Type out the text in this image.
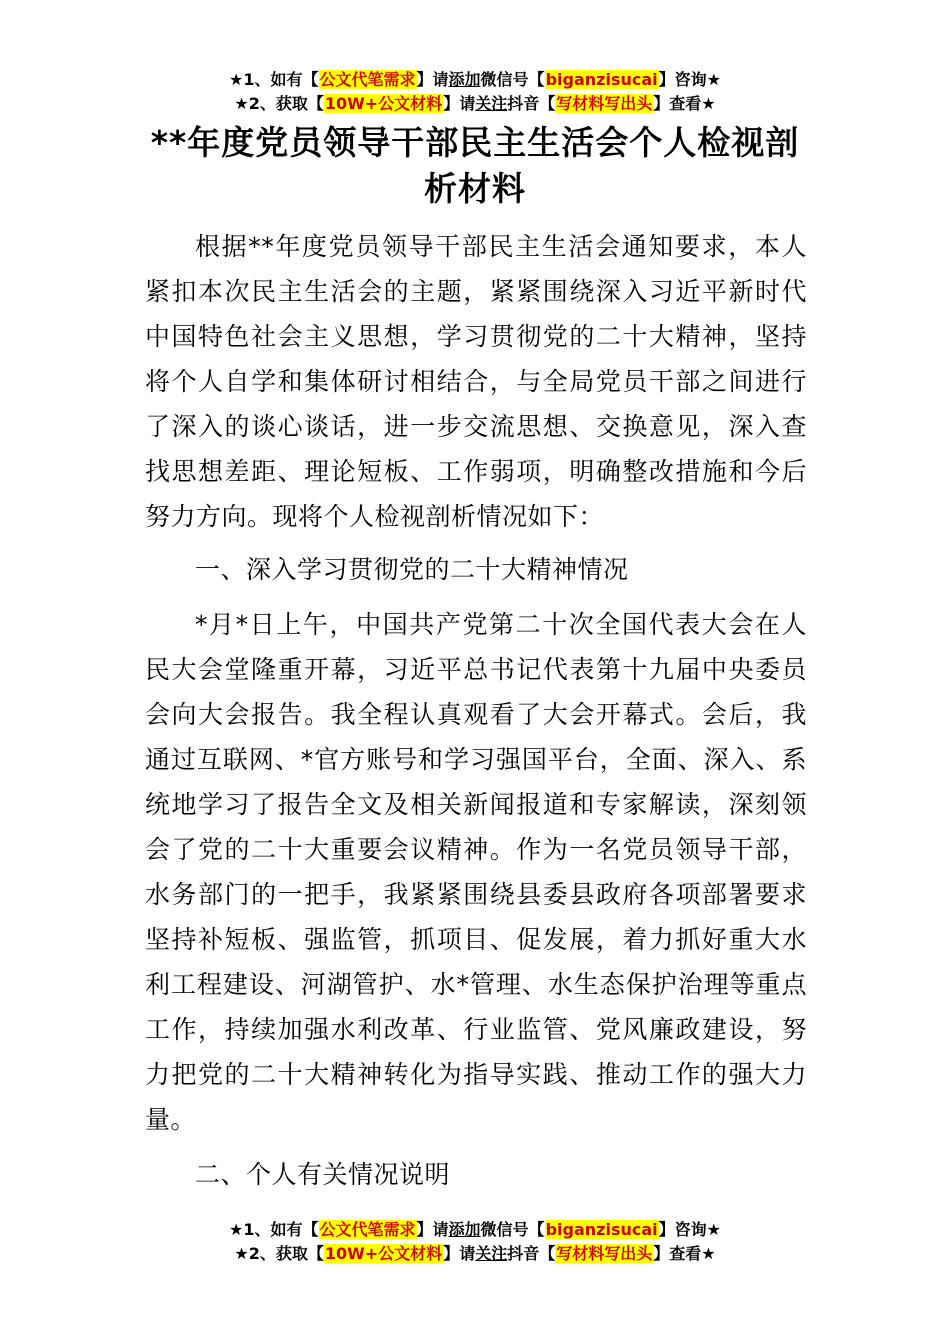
★1、如有【公文代笔需求】请添加微信号【biganzisucai】咨询★
★2、获取【10W+公文材料】请关注抖音【写材料写出头】查看★
**年度党员领导干部民主生活会个人检视剖析材料

根据**年度党员领导干部民主生活会通知要求，本人紧扣本次民主生活会的主题，紧紧围绕深入习近平新时代中国特色社会主义思想，学习贯彻党的二十大精神，坚持将个人自学和集体研讨相结合，与全局党员干部之间进行了深入的谈心谈话，进一步交流思想、交换意见，深入查找思想差距、理论短板、工作弱项，明确整改措施和今后努力方向。现将个人检视剖析情况如下：

一、深入学习贯彻党的二十大精神情况

*月*日上午，中国共产党第二十次全国代表大会在人民大会堂隆重开幕，习近平总书记代表第十九届中央委员会向大会报告。我全程认真观看了大会开幕式。会后，我通过互联网、*官方账号和学习强国平台，全面、深入、系统地学习了报告全文及相关新闻报道和专家解读，深刻领会了党的二十大重要会议精神。作为一名党员领导干部，水务部门的一把手，我紧紧围绕县委县政府各项部署要求坚持补短板、强监管，抓项目、促发展，着力抓好重大水利工程建设、河湖管护、水*管理、水生态保护治理等重点工作，持续加强水利改革、行业监管、党风廉政建设，努力把党的二十大精神转化为指导实践、推动工作的强大力量。

二、个人有关情况说明

★1、如有【公文代笔需求】请添加微信号【biganzisucai】咨询★
★2、获取【10W+公文材料】请关注抖音【写材料写出头】查看★
